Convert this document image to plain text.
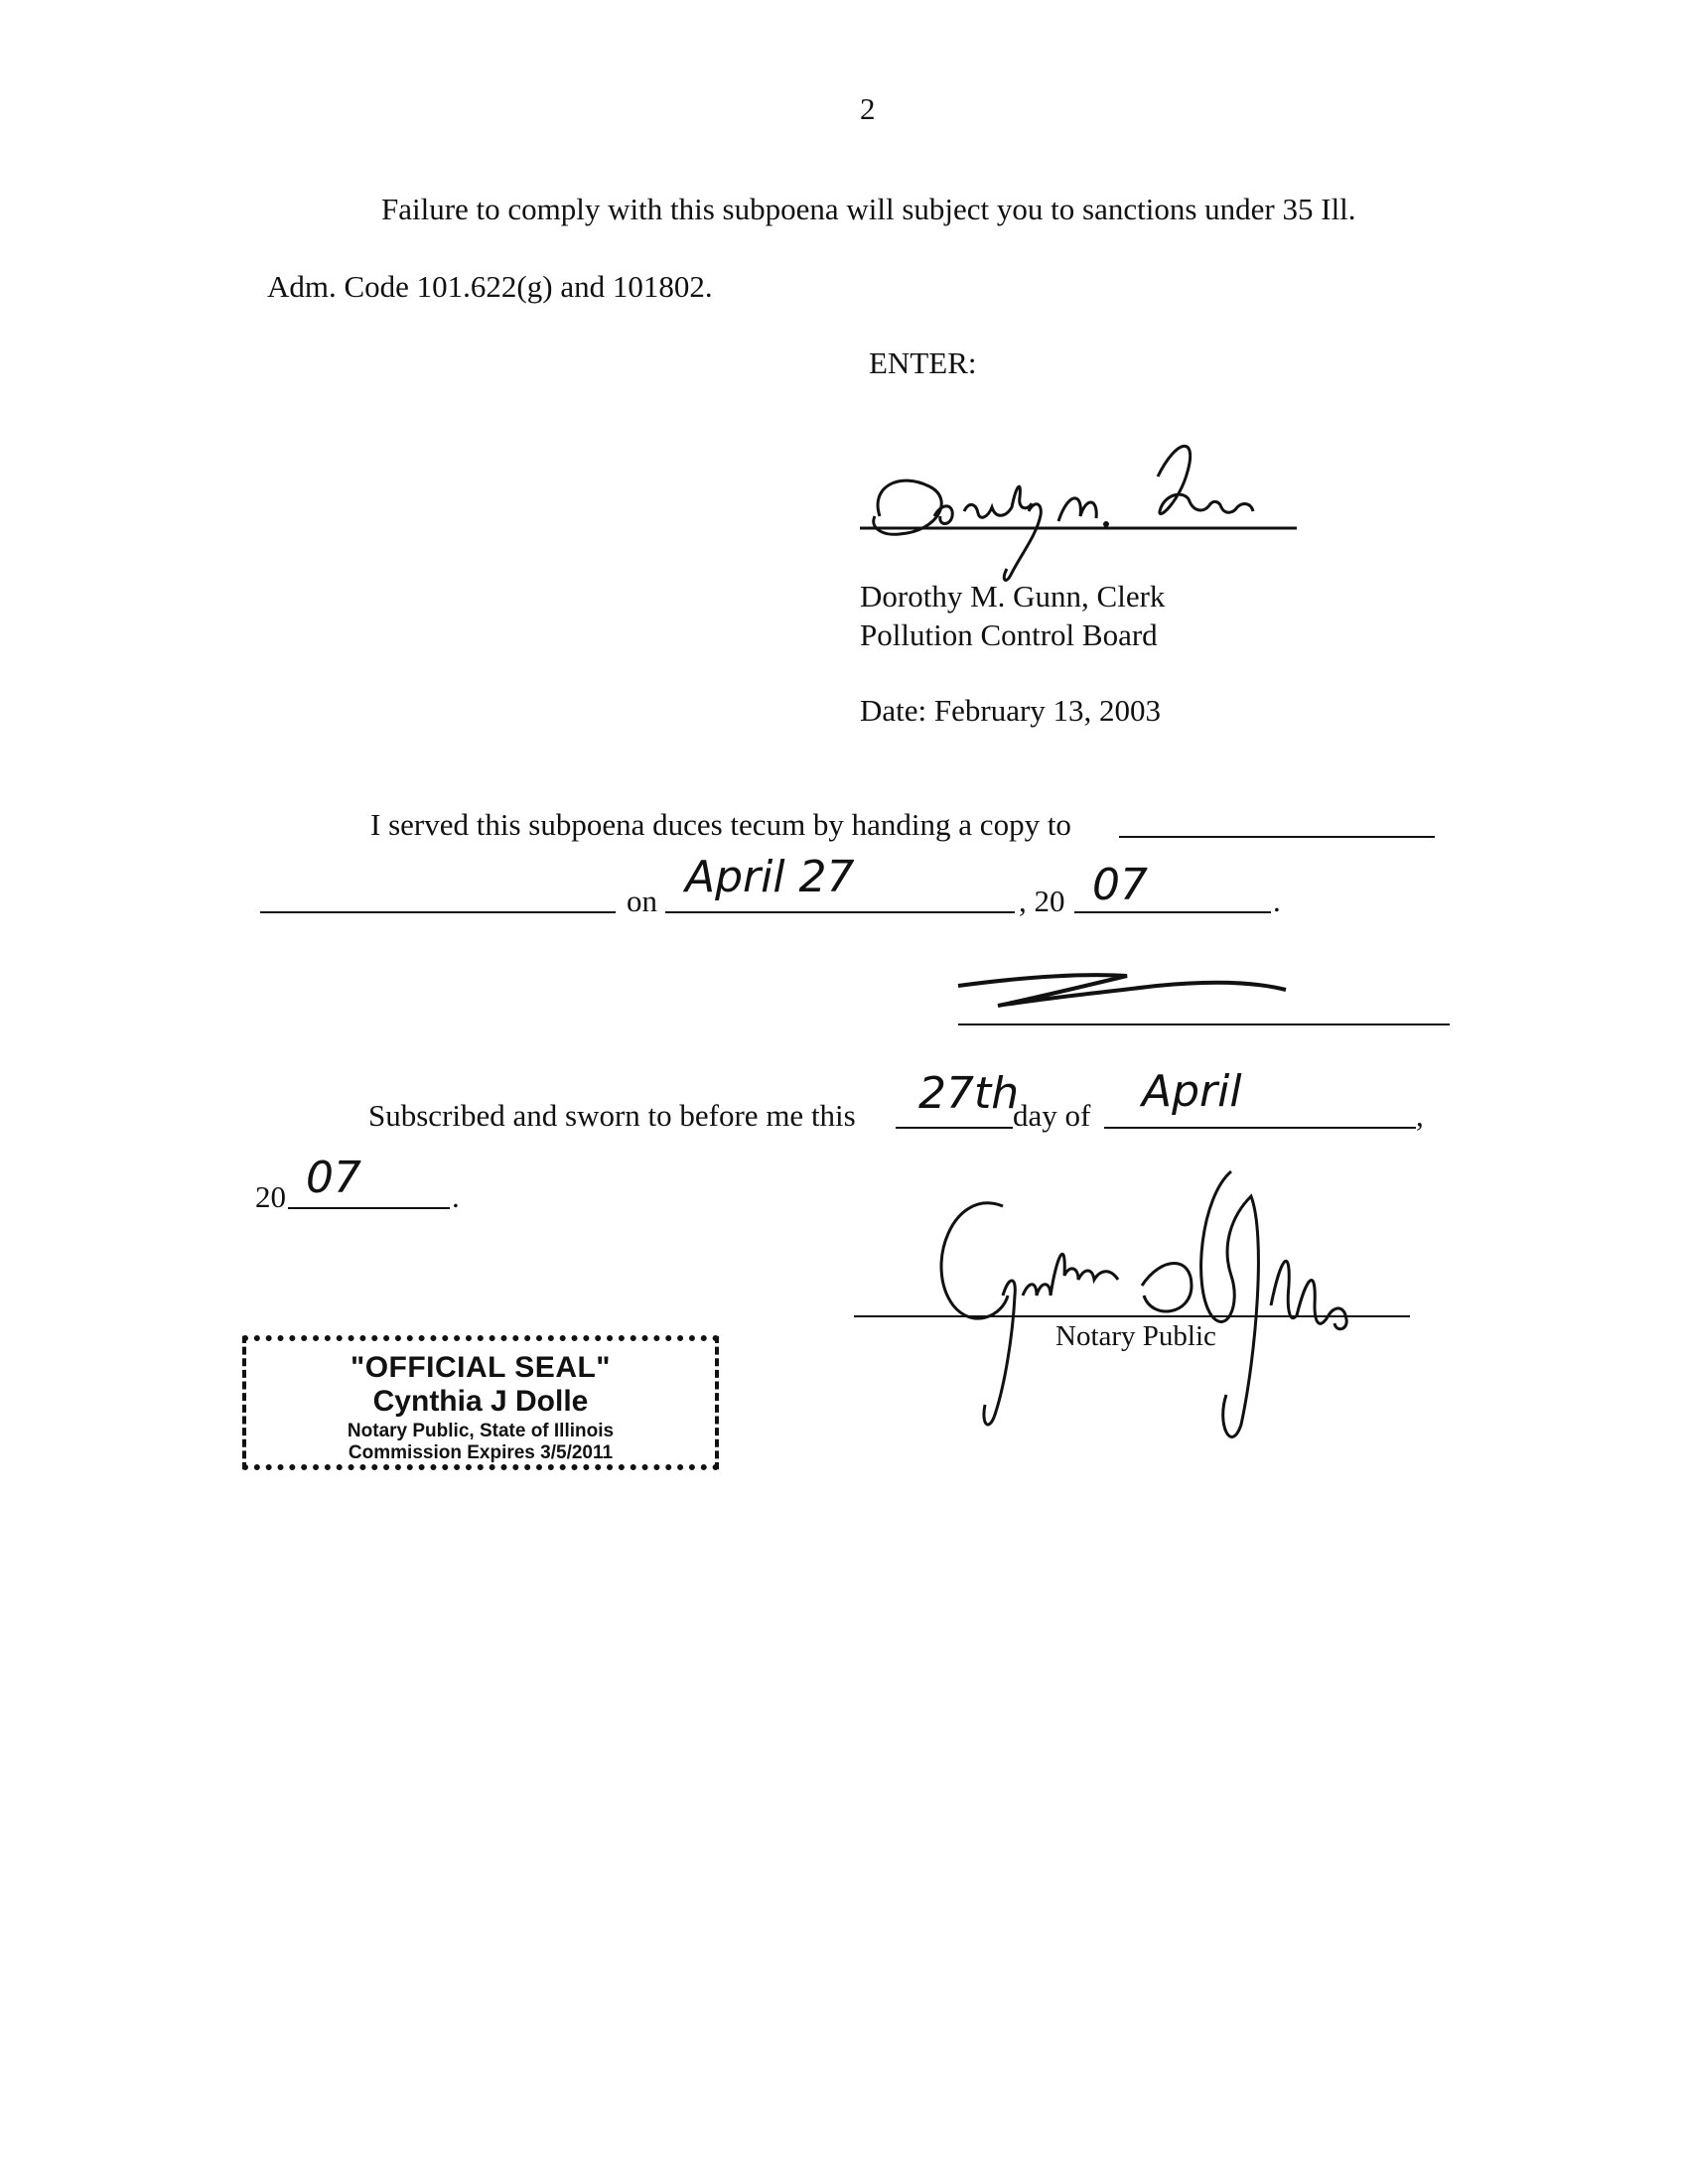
2
Failure to comply with this subpoena will subject you to sanctions under 35 Ill.
Adm. Code 101.622(g) and 101802.
ENTER:
Dorothy M. Gunn, Clerk
Pollution Control Board
Date: February 13, 2003
I served this subpoena duces tecum by handing a copy to
on April 27	, 20 07	.
Subscribed and sworn to before me this 27th
day of April	,
20 07	.
Notary Public
"OFFICIAL SEAL"
Cynthia J Dolle
Notary Public, State of Illinois
Commission Expires 3/5/2011
